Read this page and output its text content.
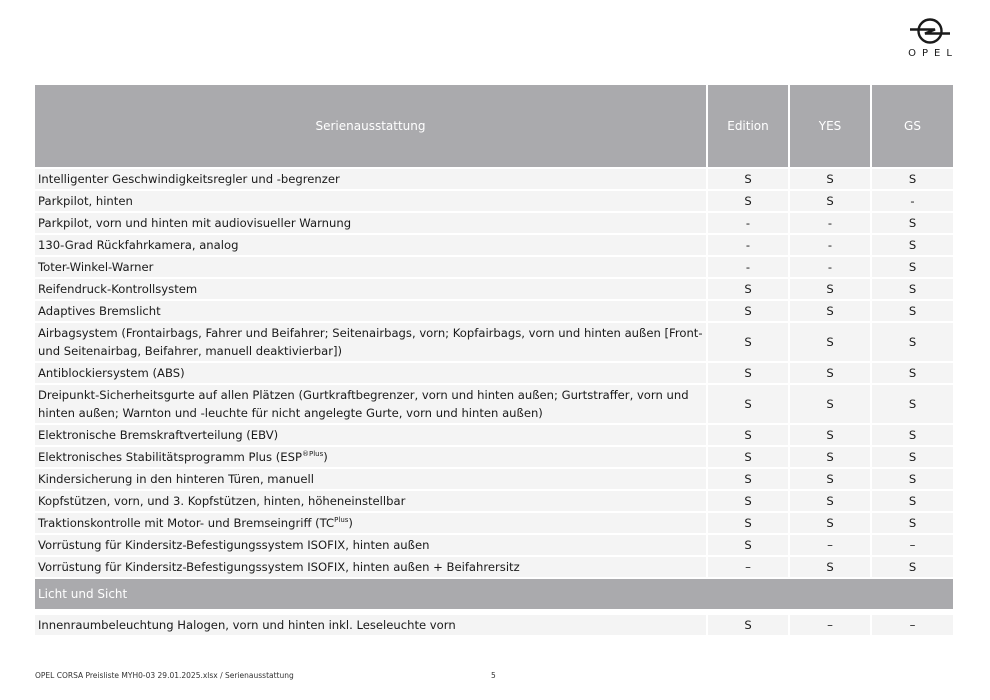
OPEL
Serienausstattung	Edition	YES	GS
Intelligenter Geschwindigkeitsregler und -begrenzer	S	S	S
Parkpilot, hinten	S	S	-
Parkpilot, vorn und hinten mit audiovisueller Warnung	-	-	S
130-Grad Rückfahrkamera, analog	-	-	S
Toter-Winkel-Warner	-	-	S
Reifendruck-Kontrollsystem	S	S	S
Adaptives Bremslicht	S	S	S
Airbagsystem (Frontairbags, Fahrer und Beifahrer; Seitenairbags, vorn; Kopfairbags, vorn und hinten außen [Front- und Seitenairbag, Beifahrer, manuell deaktivierbar])	S	S	S
Antiblockiersystem (ABS)	S	S	S
Dreipunkt-Sicherheitsgurte auf allen Plätzen (Gurtkraftbegrenzer, vorn und hinten außen; Gurtstraffer, vorn und hinten außen; Warnton und -leuchte für nicht angelegte Gurte, vorn und hinten außen)	S	S	S
Elektronische Bremskraftverteilung (EBV)	S	S	S
Elektronisches Stabilitätsprogramm Plus $(ESP^{®Plus})$	S	S	S
Kindersicherung in den hinteren Türen, manuell	S	S	S
Kopfstützen, vorn, und 3. Kopfstützen, hinten, höheneinstellbar	S	S	S
Traktionskontrolle mit Motor- und Bremseingriff $(TC^{Plus})$	S	S	S
Vorrüstung für Kindersitz-Befestigungssystem ISOFIX, hinten außen	S	–	–
Vorrüstung für Kindersitz-Befestigungssystem ISOFIX, hinten außen + Beifahrersitz	–	S	S
Licht und Sicht			

Innenraumbeleuchtung Halogen, vorn und hinten inkl. Leseleuchte vorn	S	–	–
OPEL CORSA Preisliste MYH0-03 29.01.2025.xlsx / Serienausstattung	5
